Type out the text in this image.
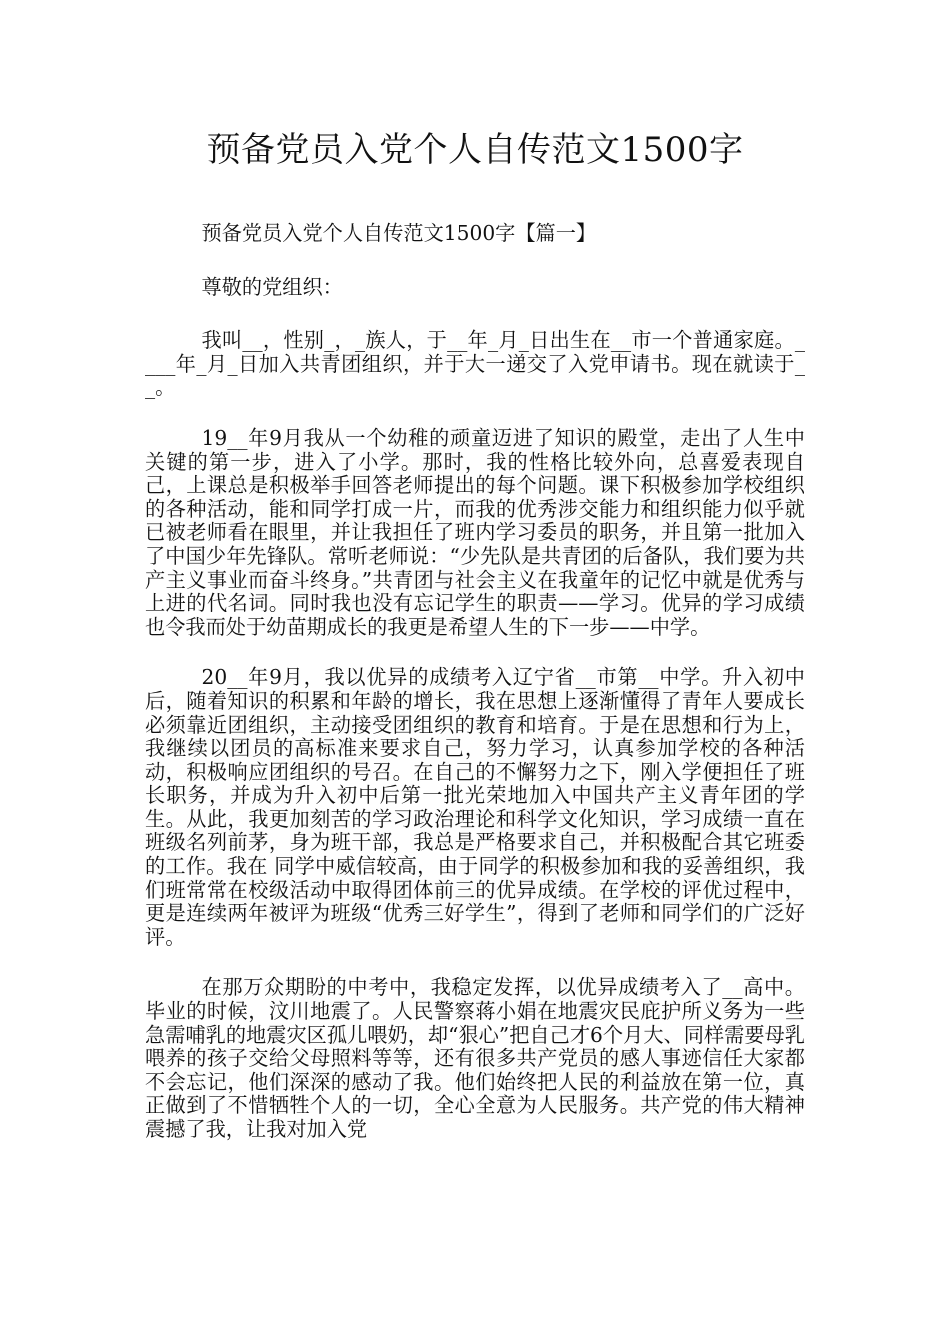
预备党员入党个人自传范文1500字

预备党员入党个人自传范文1500字【篇一】

尊敬的党组织：

我叫__，性别_，_族人，于__年_月_日出生在__市一个普通家庭。____年_月_日加入共青团组织，并于大一递交了入党申请书。现在就读于__。

19__年9月我从一个幼稚的顽童迈进了知识的殿堂，走出了人生中关键的第一步，进入了小学。那时，我的性格比较外向，总喜爱表现自己，上课总是积极举手回答老师提出的每个问题。课下积极参加学校组织的各种活动，能和同学打成一片，而我的优秀涉交能力和组织能力似乎就已被老师看在眼里，并让我担任了班内学习委员的职务，并且第一批加入了中国少年先锋队。常听老师说：“少先队是共青团的后备队，我们要为共产主义事业而奋斗终身。”共青团与社会主义在我童年的记忆中就是优秀与上进的代名词。同时我也没有忘记学生的职责——学习。优异的学习成绩也令我而处于幼苗期成长的我更是希望人生的下一步——中学。

20__年9月，我以优异的成绩考入辽宁省__市第__中学。升入初中后，随着知识的积累和年龄的增长，我在思想上逐渐懂得了青年人要成长必须靠近团组织，主动接受团组织的教育和培育。于是在思想和行为上，我继续以团员的高标准来要求自己，努力学习，认真参加学校的各种活动，积极响应团组织的号召。在自己的不懈努力之下，刚入学便担任了班长职务，并成为升入初中后第一批光荣地加入中国共产主义青年团的学生。从此，我更加刻苦的学习政治理论和科学文化知识，学习成绩一直在班级名列前茅，身为班干部，我总是严格要求自己，并积极配合其它班委的工作。我在 同学中威信较高，由于同学的积极参加和我的妥善组织，我们班常常在校级活动中取得团体前三的优异成绩。在学校的评优过程中，更是连续两年被评为班级“优秀三好学生”，得到了老师和同学们的广泛好评。

在那万众期盼的中考中，我稳定发挥，以优异成绩考入了__高中。毕业的时候，汶川地震了。人民警察蒋小娟在地震灾民庇护所义务为一些急需哺乳的地震灾区孤儿喂奶，却“狠心”把自己才6个月大、同样需要母乳喂养的孩子交给父母照料等等，还有很多共产党员的感人事迹信任大家都不会忘记，他们深深的感动了我。他们始终把人民的利益放在第一位，真正做到了不惜牺牲个人的一切，全心全意为人民服务。共产党的伟大精神震撼了我，让我对加入党
